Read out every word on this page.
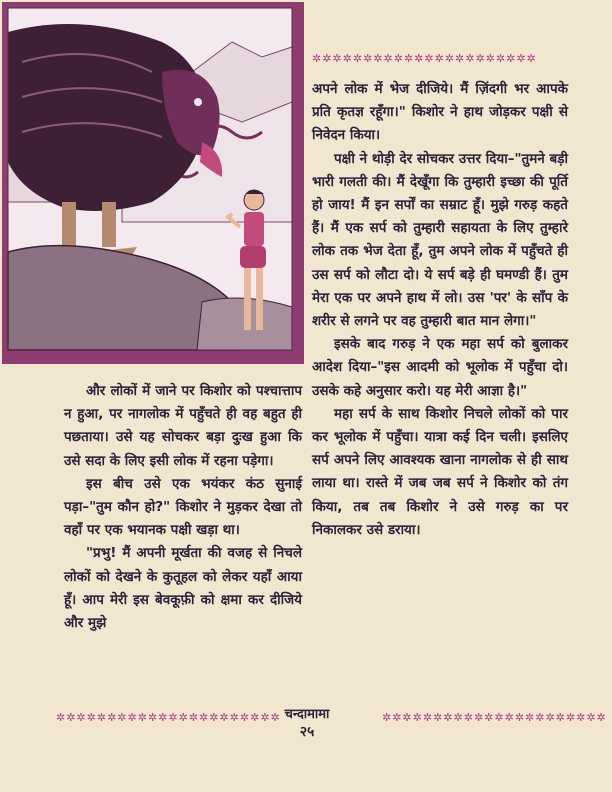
✲✲✲✲✲✲✲✲✲✲✲✲✲✲✲✲✲✲✲✲✲✲

और लोकों में जाने पर किशोर को पश्चात्ताप न हुआ, पर नागलोक में पहुँचते ही वह बहुत ही पछताया। उसे यह सोचकर बड़ा दुःख हुआ कि उसे सदा के लिए इसी लोक में रहना पड़ेगा।

इस बीच उसे एक भयंकर कंठ सुनाई पड़ा–"तुम कौन हो?" किशोर ने मुड़कर देखा तो वहाँ पर एक भयानक पक्षी खड़ा था।

"प्रभु! मैं अपनी मूर्खता की वजह से निचले लोकों को देखने के कुतूहल को लेकर यहाँ आया हूँ। आप मेरी इस बेवकूफ़ी को क्षमा कर दीजिये और मुझे

अपने लोक में भेज दीजिये। मैं ज़िंदगी भर आपके प्रति कृतज्ञ रहूँगा।" किशोर ने हाथ जोड़कर पक्षी से निवेदन किया।

पक्षी ने थोड़ी देर सोचकर उत्तर दिया–"तुमने बड़ी भारी गलती की। मैं देखूँगा कि तुम्हारी इच्छा की पूर्ति हो जाय! मैं इन सर्पों का सम्राट हूँ। मुझे गरुड़ कहते हैं। मैं एक सर्प को तुम्हारी सहायता के लिए तुम्हारे लोक तक भेज देता हूँ, तुम अपने लोक में पहुँचते ही उस सर्प को लौटा दो। ये सर्प बड़े ही घमण्डी हैं। तुम मेरा एक पर अपने हाथ में लो। उस 'पर' के साँप के शरीर से लगने पर वह तुम्हारी बात मान लेगा।"

इसके बाद गरुड़ ने एक महा सर्प को बुलाकर आदेश दिया–"इस आदमी को भूलोक में पहुँचा दो। उसके कहे अनुसार करो। यह मेरी आज्ञा है।"

महा सर्प के साथ किशोर निचले लोकों को पार कर भूलोक में पहुँचा। यात्रा कई दिन चली। इसलिए सर्प अपने लिए आवश्यक खाना नागलोक से ही साथ लाया था। रास्ते में जब जब सर्प ने किशोर को तंग किया, तब तब किशोर ने उसे गरुड़ का पर निकालकर उसे डराया।

✲✲✲✲✲✲✲✲✲✲✲✲✲✲✲✲✲✲✲✲✲✲ चन्दामामा
२५
✲✲✲✲✲✲✲✲✲✲✲✲✲✲✲✲✲✲✲✲✲✲
